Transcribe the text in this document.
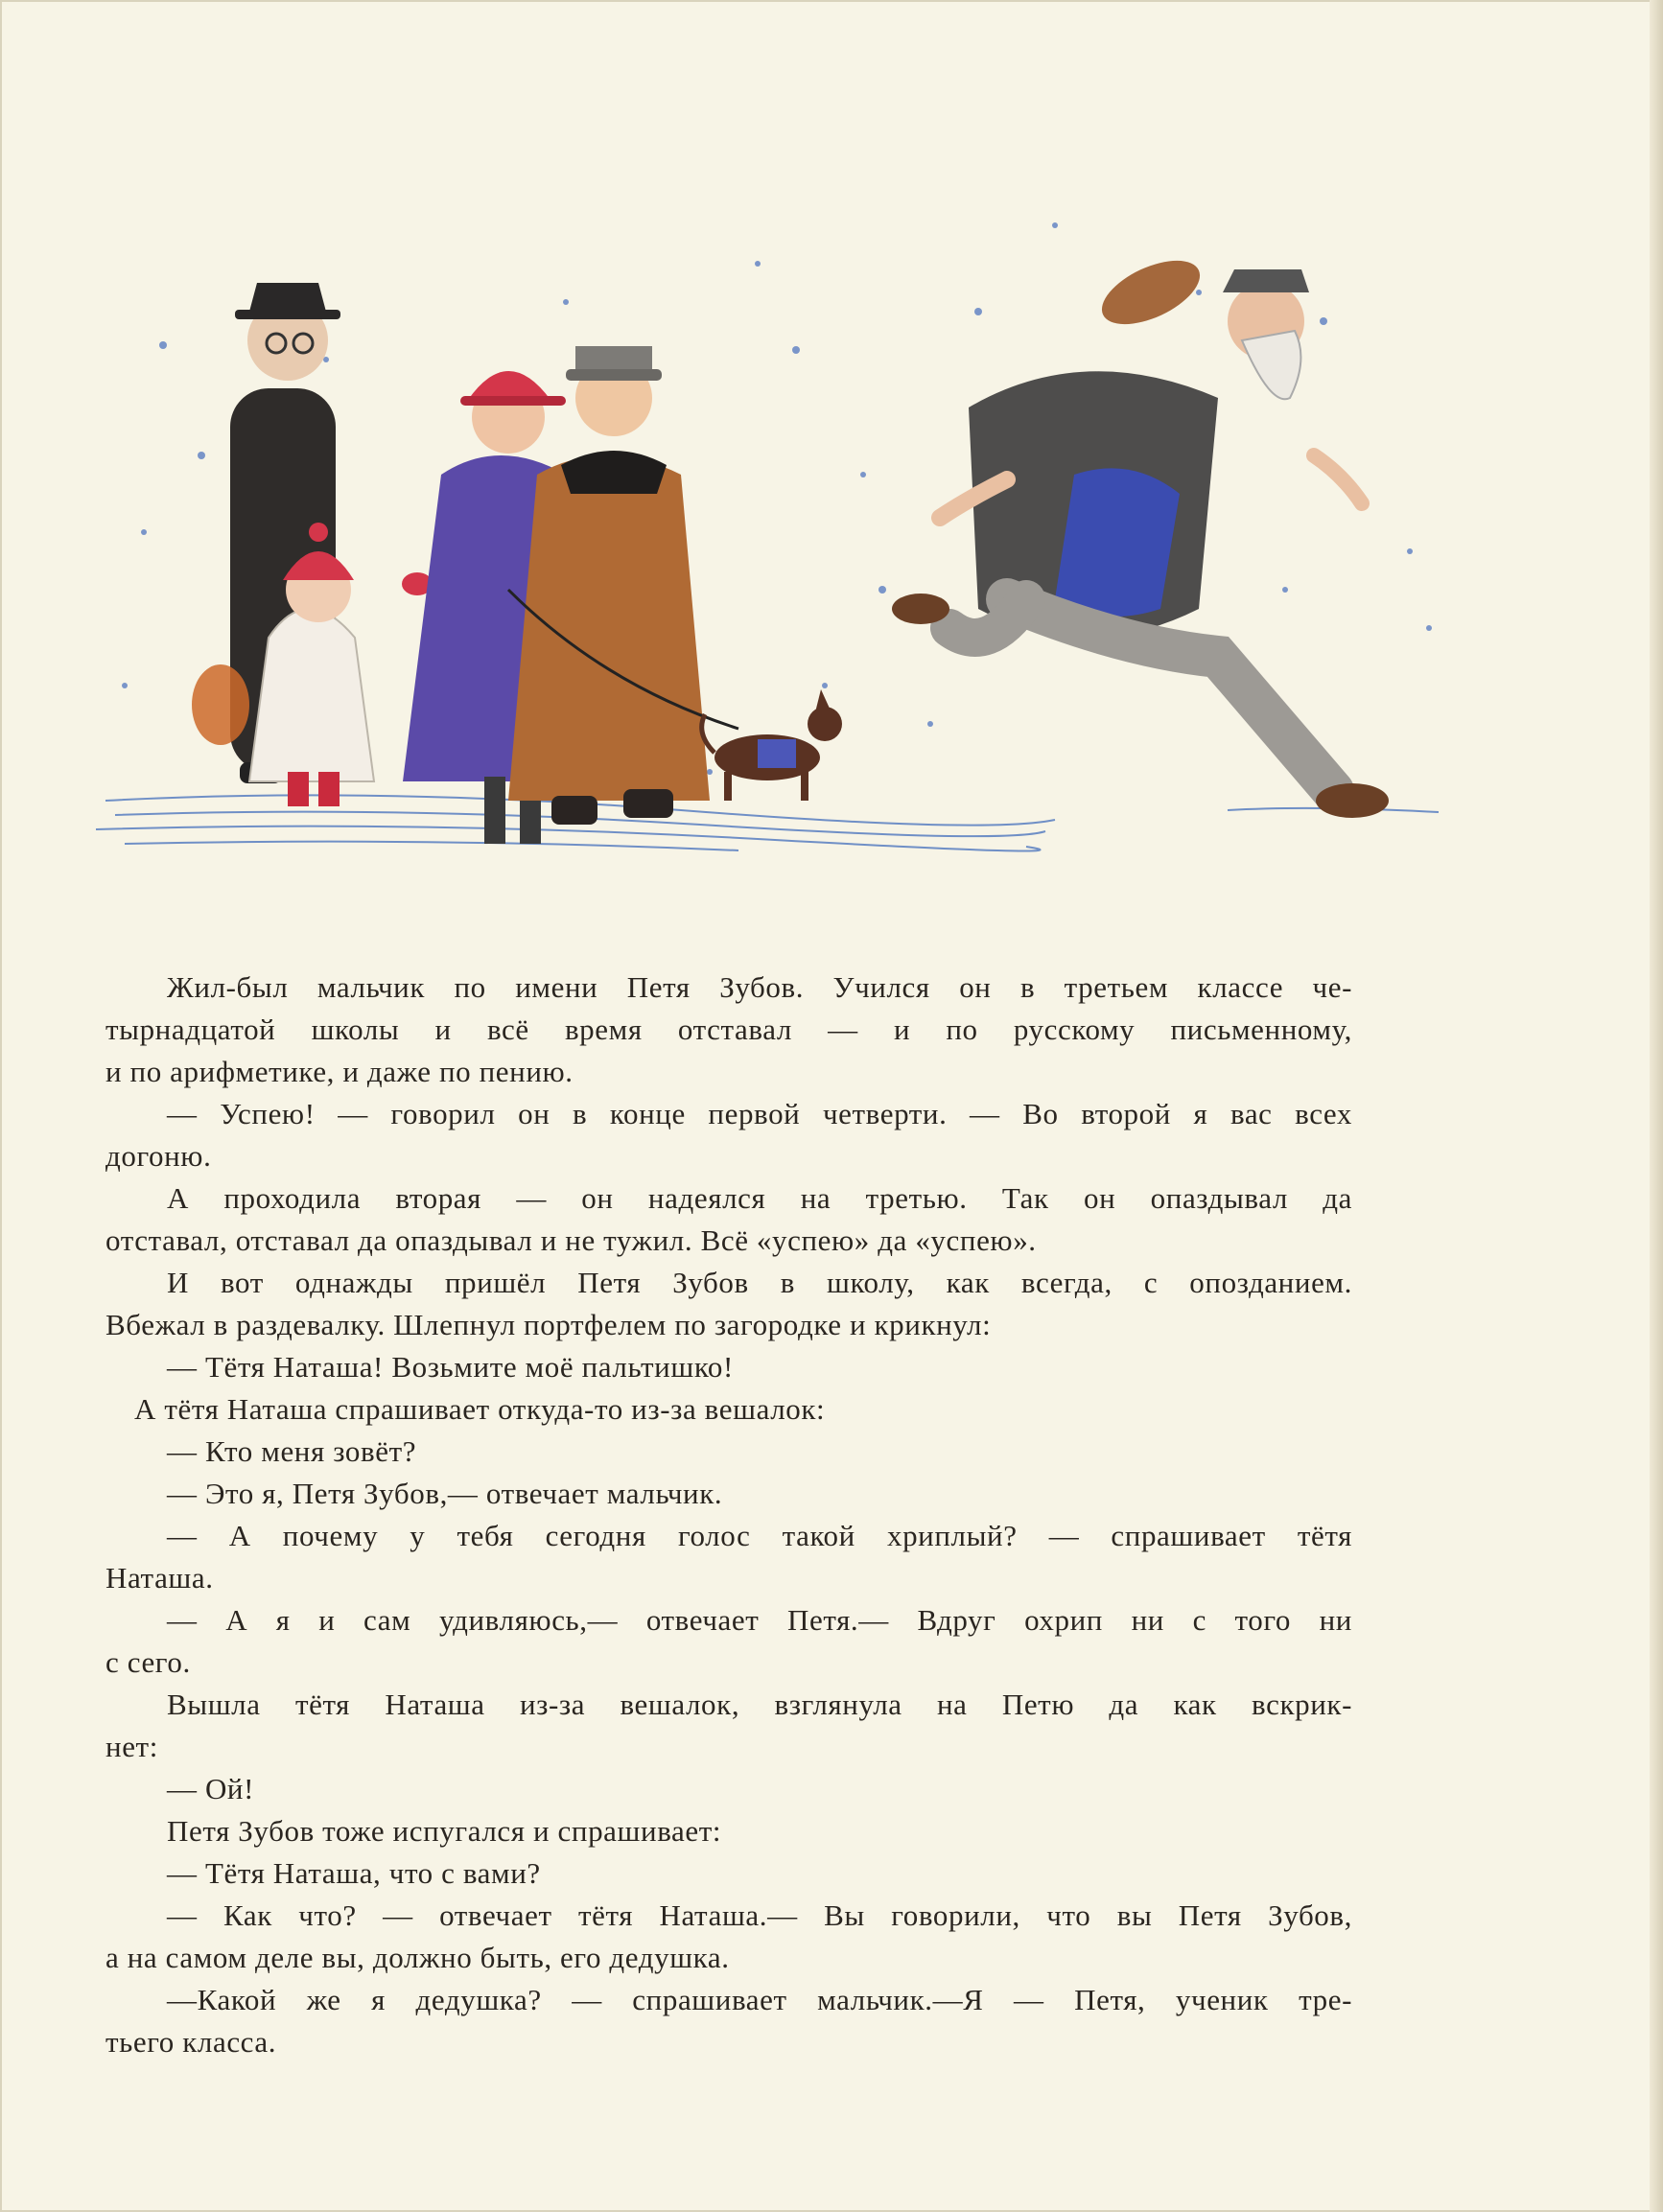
Жил-был мальчик по имени Петя Зубов. Учился он в третьем классе че-

тырнадцатой школы и всё время отставал — и по русскому письменному,

и по арифметике, и даже по пению.

— Успею! — говорил он в конце первой четверти. — Во второй я вас всех

догоню.

А проходила вторая — он надеялся на третью. Так он опаздывал да

отставал, отставал да опаздывал и не тужил. Всё «успею» да «успею».

И вот однажды пришёл Петя Зубов в школу, как всегда, с опозданием.

Вбежал в раздевалку. Шлепнул портфелем по загородке и крикнул:

— Тётя Наташа! Возьмите моё пальтишко!

А тётя Наташа спрашивает откуда-то из-за вешалок:

— Кто меня зовёт?

— Это я, Петя Зубов,— отвечает мальчик.

— А почему у тебя сегодня голос такой хриплый? — спрашивает тётя

Наташа.

— А я и сам удивляюсь,— отвечает Петя.— Вдруг охрип ни с того ни

с сего.

Вышла тётя Наташа из-за вешалок, взглянула на Петю да как вскрик-

нет:

— Ой!

Петя Зубов тоже испугался и спрашивает:

— Тётя Наташа, что с вами?

— Как что? — отвечает тётя Наташа.— Вы говорили, что вы Петя Зубов,

а на самом деле вы, должно быть, его дедушка.

—Какой же я дедушка? — спрашивает мальчик.—Я — Петя, ученик тре-

тьего класса.
